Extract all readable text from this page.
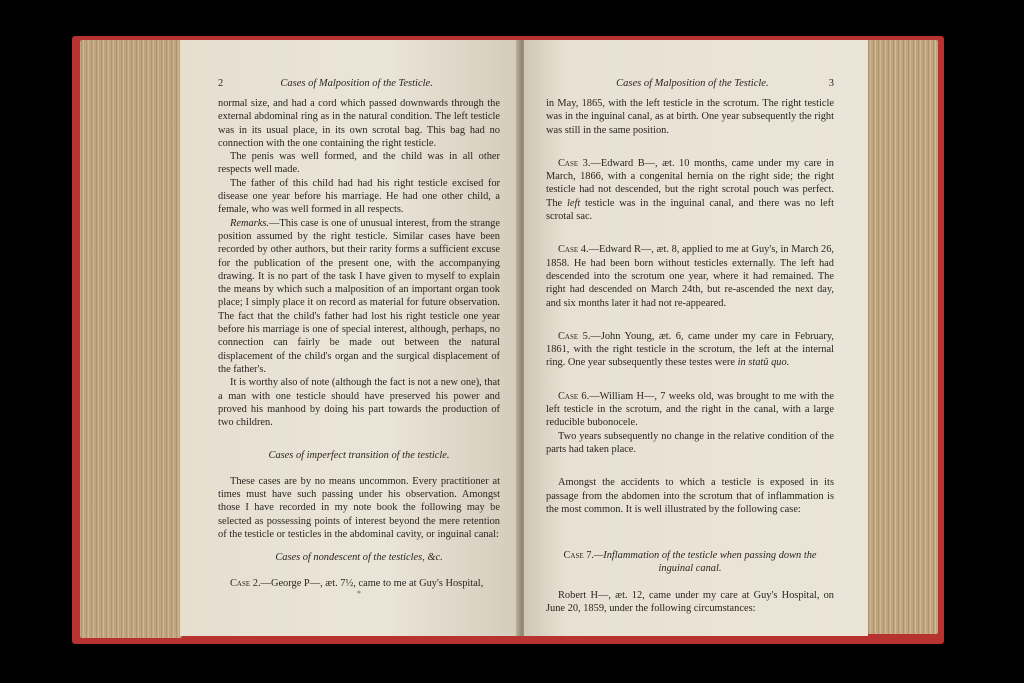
2	Cases of Malposition of the Testicle.

normal size, and had a cord which passed downwards through the external abdominal ring as in the natural condition. The left testicle was in its usual place, in its own scrotal bag. This bag had no connection with the one containing the right testicle.

The penis was well formed, and the child was in all other respects well made.

The father of this child had had his right testicle excised for disease one year before his marriage. He had one other child, a female, who was well formed in all respects.

Remarks.—This case is one of unusual interest, from the strange position assumed by the right testicle. Similar cases have been recorded by other authors, but their rarity forms a sufficient excuse for the publication of the present one, with the accompanying drawing. It is no part of the task I have given to myself to explain the means by which such a malposition of an important organ took place; I simply place it on record as material for future observation. The fact that the child's father had lost his right testicle one year before his marriage is one of special interest, although, perhaps, no connection can fairly be made out between the natural displacement of the child's organ and the surgical displacement of the father's.

It is worthy also of note (although the fact is not a new one), that a man with one testicle should have preserved his power and proved his manhood by doing his part towards the production of two children.

Cases of imperfect transition of the testicle.

These cases are by no means uncommon. Every practitioner at times must have such passing under his observation. Amongst those I have recorded in my note book the following may be selected as possessing points of interest beyond the mere retention of the testicle or testicles in the abdominal cavity, or inguinal canal:

Cases of nondescent of the testicles, &c.

Case 2.—George P—, æt. 7½, came to me at Guy's Hospital,

*
Cases of Malposition of the Testicle.	3

in May, 1865, with the left testicle in the scrotum. The right testicle was in the inguinal canal, as at birth. One year subsequently the right was still in the same position.

Case 3.—Edward B—, æt. 10 months, came under my care in March, 1866, with a congenital hernia on the right side; the right testicle had not descended, but the right scrotal pouch was perfect. The left testicle was in the inguinal canal, and there was no left scrotal sac.

Case 4.—Edward R—, æt. 8, applied to me at Guy's, in March 26, 1858. He had been born without testicles externally. The left had descended into the scrotum one year, where it had remained. The right had descended on March 24th, but re-ascended the next day, and six months later it had not re-appeared.

Case 5.—John Young, æt. 6, came under my care in February, 1861, with the right testicle in the scrotum, the left at the internal ring. One year subsequently these testes were in statû quo.

Case 6.—William H—, 7 weeks old, was brought to me with the left testicle in the scrotum, and the right in the canal, with a large reducible bubonocele.

Two years subsequently no change in the relative condition of the parts had taken place.

Amongst the accidents to which a testicle is exposed in its passage from the abdomen into the scrotum that of inflammation is the most common. It is well illustrated by the following case:

Case 7.—Inflammation of the testicle when passing down the inguinal canal.

Robert H—, æt. 12, came under my care at Guy's Hospital, on June 20, 1859, under the following circumstances:
